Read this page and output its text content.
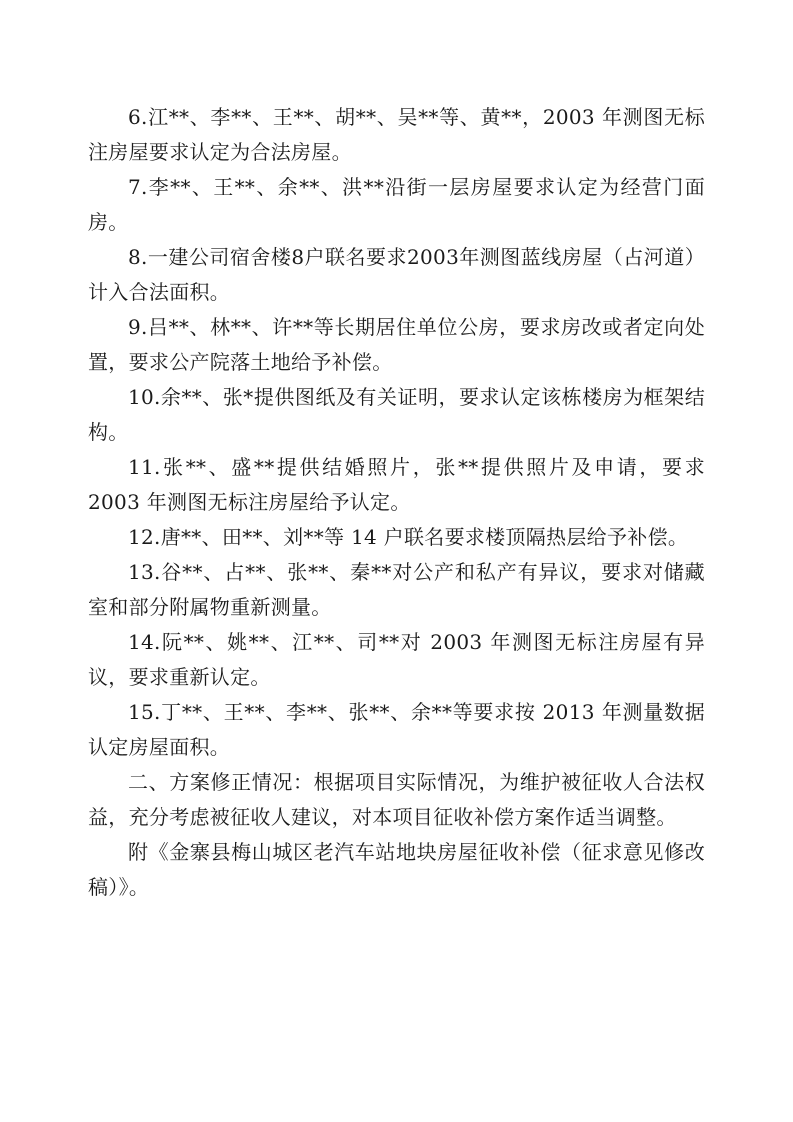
6.江**、李**、王**、胡**、吴**等、黄**，2003 年测图无标注房屋要求认定为合法房屋。

7.李**、王**、余**、洪**沿街一层房屋要求认定为经营门面房。

8.一建公司宿舍楼8户联名要求2003年测图蓝线房屋（占河道）计入合法面积。

9.吕**、林**、许**等长期居住单位公房，要求房改或者定向处置，要求公产院落土地给予补偿。

10.余**、张*提供图纸及有关证明，要求认定该栋楼房为框架结构。

11.张**、盛**提供结婚照片，张**提供照片及申请，要求 2003 年测图无标注房屋给予认定。

12.唐**、田**、刘**等 14 户联名要求楼顶隔热层给予补偿。

13.谷**、占**、张**、秦**对公产和私产有异议，要求对储藏室和部分附属物重新测量。

14.阮**、姚**、江**、司**对 2003 年测图无标注房屋有异议，要求重新认定。

15.丁**、王**、李**、张**、余**等要求按 2013 年测量数据认定房屋面积。

二、方案修正情况：根据项目实际情况，为维护被征收人合法权益，充分考虑被征收人建议，对本项目征收补偿方案作适当调整。

附《金寨县梅山城区老汽车站地块房屋征收补偿（征求意见修改稿）》。
